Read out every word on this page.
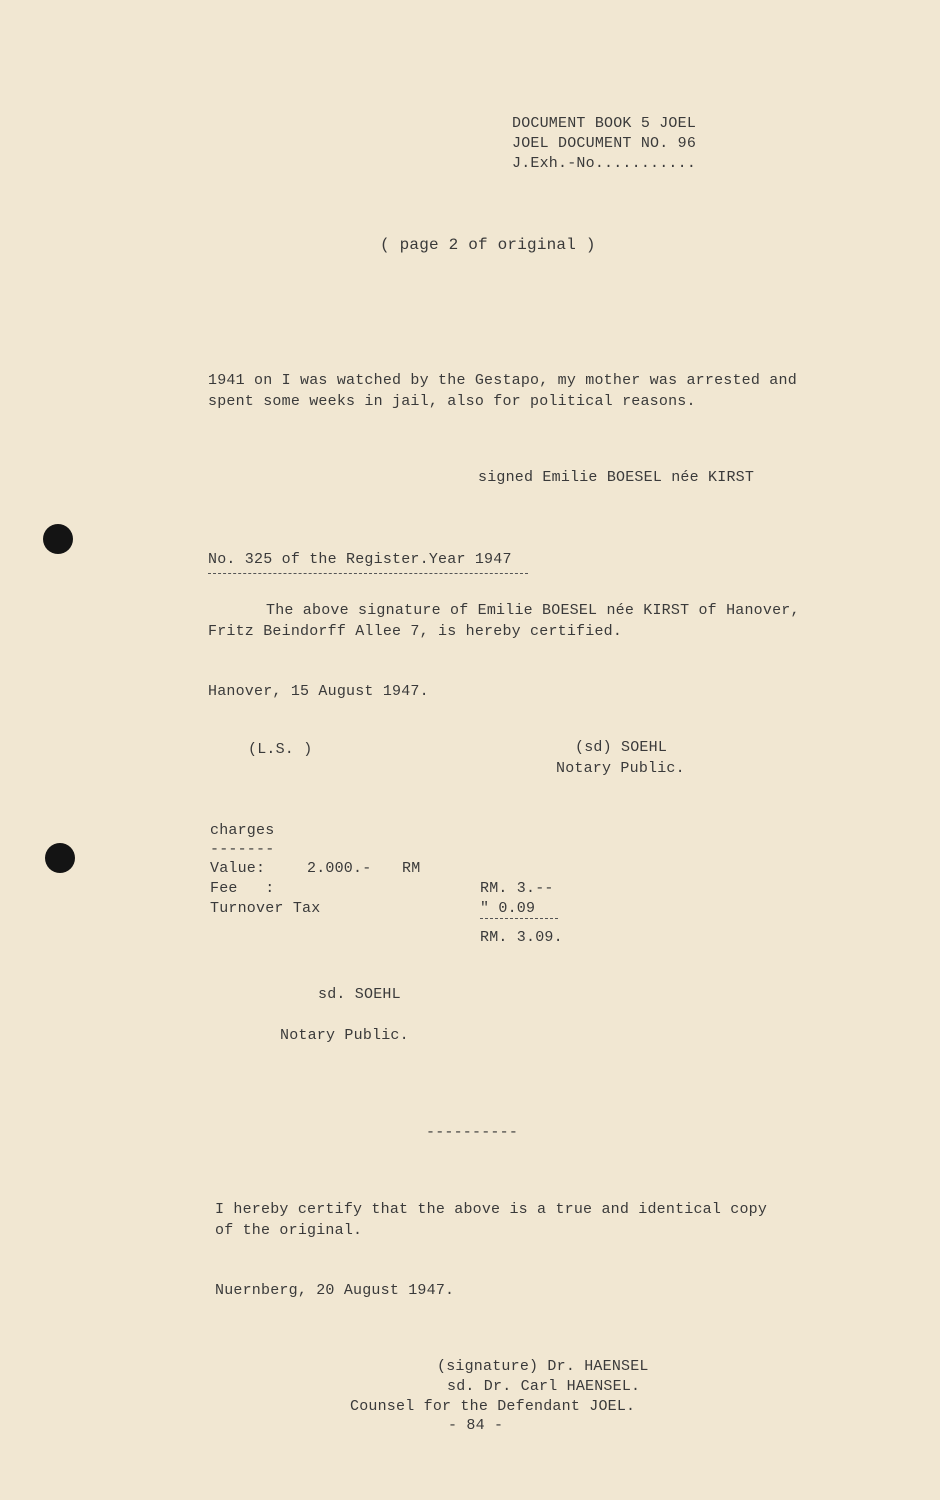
DOCUMENT BOOK 5 JOEL
JOEL DOCUMENT NO. 96
J.Exh.-No...........
( page 2 of original )
1941 on I was watched by the Gestapo, my mother was arrested and
spent some weeks in jail, also for political reasons.
signed Emilie BOESEL née KIRST
No. 325 of the Register.Year 1947
The above signature of Emilie BOESEL née KIRST of Hanover,
Fritz Beindorff Allee 7, is hereby certified.
Hanover, 15 August 1947.
(L.S. )	(sd) SOEHL
Notary Public.
charges
-------
Value:	2.000.- RM
Fee   :	RM. 3.--
Turnover Tax	" 0.09
RM. 3.09.
sd. SOEHL
Notary Public.
----------
I hereby certify that the above is a true and identical copy
of the original.
Nuernberg, 20 August 1947.
(signature) Dr. HAENSEL
sd. Dr. Carl HAENSEL.
Counsel for the Defendant JOEL.
- 84 -
